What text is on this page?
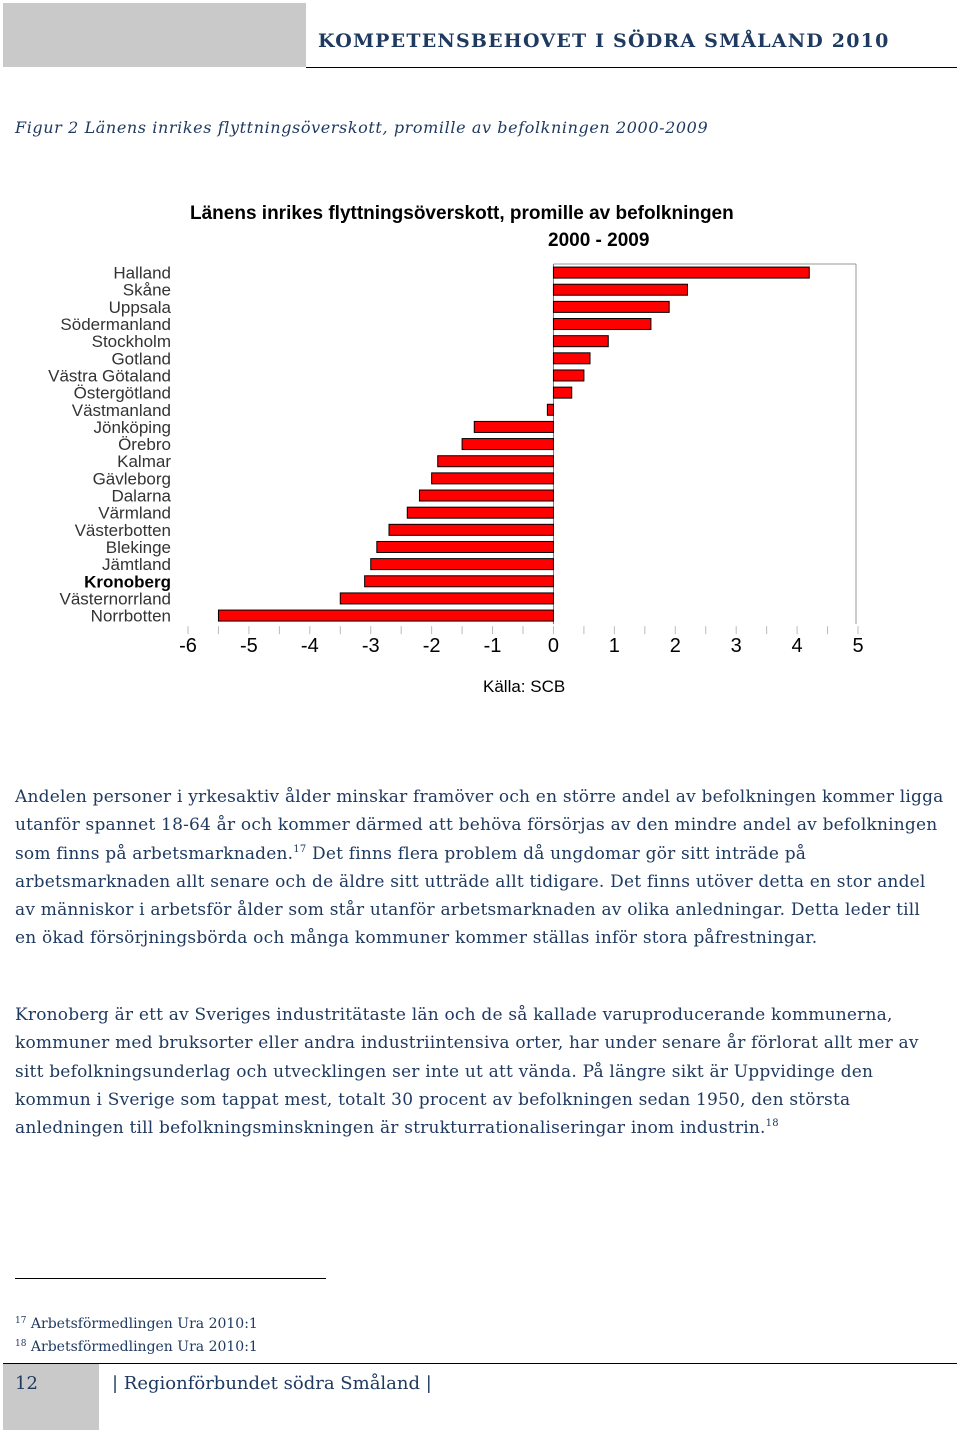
KOMPETENSBEHOVET I SÖDRA SMÅLAND 2010
Figur 2 Länens inrikes flyttningsöverskott, promille av befolkningen 2000-2009
Länens inrikes flyttningsöverskott, promille av befolkningen
2000 - 2009
Halland
Skåne
Uppsala
Södermanland
Stockholm
Gotland
Västra Götaland
Östergötland
Västmanland
Jönköping
Örebro
Kalmar
Gävleborg
Dalarna
Värmland
Västerbotten
Blekinge
Jämtland
Kronoberg
Västernorrland
Norrbotten
-6 -5 -4 -3 -2 -1 0 1 2 3 4 5
Källa: SCB

Andelen personer i yrkesaktiv ålder minskar framöver och en större andel av befolkningen kommer ligga utanför spannet 18-64 år och kommer därmed att behöva försörjas av den mindre andel av befolkningen som finns på arbetsmarknaden.$^{17}$ Det finns flera problem då ungdomar gör sitt inträde på arbetsmarknaden allt senare och de äldre sitt utträde allt tidigare. Det finns utöver detta en stor andel av människor i arbetsför ålder som står utanför arbetsmarknaden av olika anledningar. Detta leder till en ökad försörjningsbörda och många kommuner kommer ställas inför stora påfrestningar.

Kronoberg är ett av Sveriges industritätaste län och de så kallade varuproducerande kommunerna, kommuner med bruksorter eller andra industriintensiva orter, har under senare år förlorat allt mer av sitt befolkningsunderlag och utvecklingen ser inte ut att vända. På längre sikt är Uppvidinge den kommun i Sverige som tappat mest, totalt 30 procent av befolkningen sedan 1950, den största anledningen till befolkningsminskningen är strukturrationaliseringar inom industrin.$^{18}$

$^{17}$ Arbetsförmedlingen Ura 2010:1
$^{18}$ Arbetsförmedlingen Ura 2010:1
12	| Regionförbundet södra Småland |
